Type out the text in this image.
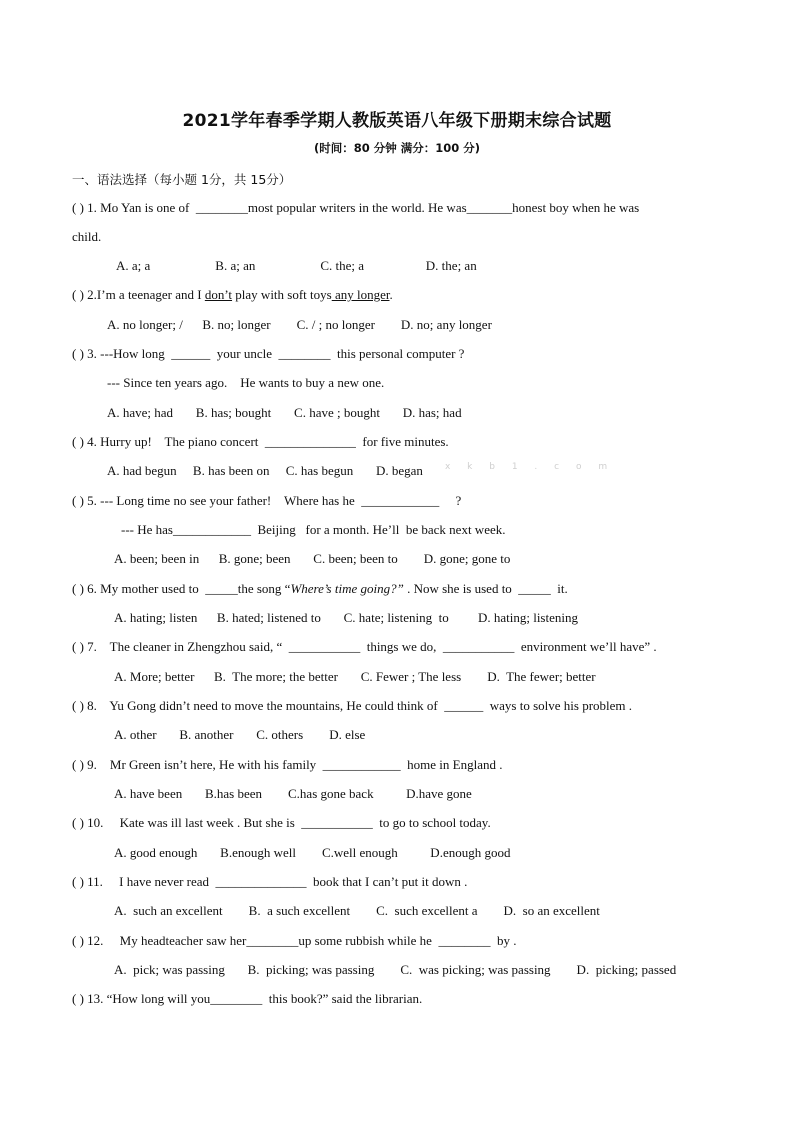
2021学年春季学期人教版英语八年级下册期末综合试题
(时间：80 分钟 满分：100 分)
一、语法选择（每小题 1分，共 15分）
( ) 1. Mo Yan is one of  ________most popular writers in the world. He was_______honest boy when he was
child.
A. a; a                    B. a; an                    C. the; a                   D. the; an
( ) 2.I’m a teenager and I don’t play with soft toys any longer.
A. no longer; /      B. no; longer        C. / ; no longer        D. no; any longer
( ) 3. ---How long  ______  your uncle  ________  this personal computer ?
--- Since ten years ago.    He wants to buy a new one.
A. have; had       B. has; bought       C. have ; bought       D. has; had
( ) 4. Hurry up!    The piano concert  ______________  for five minutes.
A. had begun     B. has been on     C. has begun       D. began x k b 1 . c o m
( ) 5. --- Long time no see your father!    Where has he  ____________     ?
--- He has____________  Beijing   for a month. He’ll  be back next week.
A. been; been in      B. gone; been       C. been; been to        D. gone; gone to
( ) 6. My mother used to  _____the song “Where’s time going?” . Now she is used to  _____  it.
A. hating; listen      B. hated; listened to       C. hate; listening  to         D. hating; listening
( ) 7.    The cleaner in Zhengzhou said, “  ___________  things we do,  ___________  environment we’ll have” .
A. More; better      B.  The more; the better       C. Fewer ; The less        D.  The fewer; better
( ) 8.    Yu Gong didn’t need to move the mountains, He could think of  ______  ways to solve his problem .
A. other       B. another       C. others        D. else
( ) 9.    Mr Green isn’t here, He with his family  ____________  home in England .
A. have been       B.has been        C.has gone back          D.have gone
( ) 10.     Kate was ill last week . But she is  ___________  to go to school today.
A. good enough       B.enough well        C.well enough          D.enough good
( ) 11.     I have never read  ______________  book that I can’t put it down .
A.  such an excellent        B.  a such excellent        C.  such excellent a        D.  so an excellent
( ) 12.     My headteacher saw her________up some rubbish while he  ________  by .
A.  pick; was passing       B.  picking; was passing        C.  was picking; was passing        D.  picking; passed
( ) 13. “How long will you________  this book?” said the librarian.
